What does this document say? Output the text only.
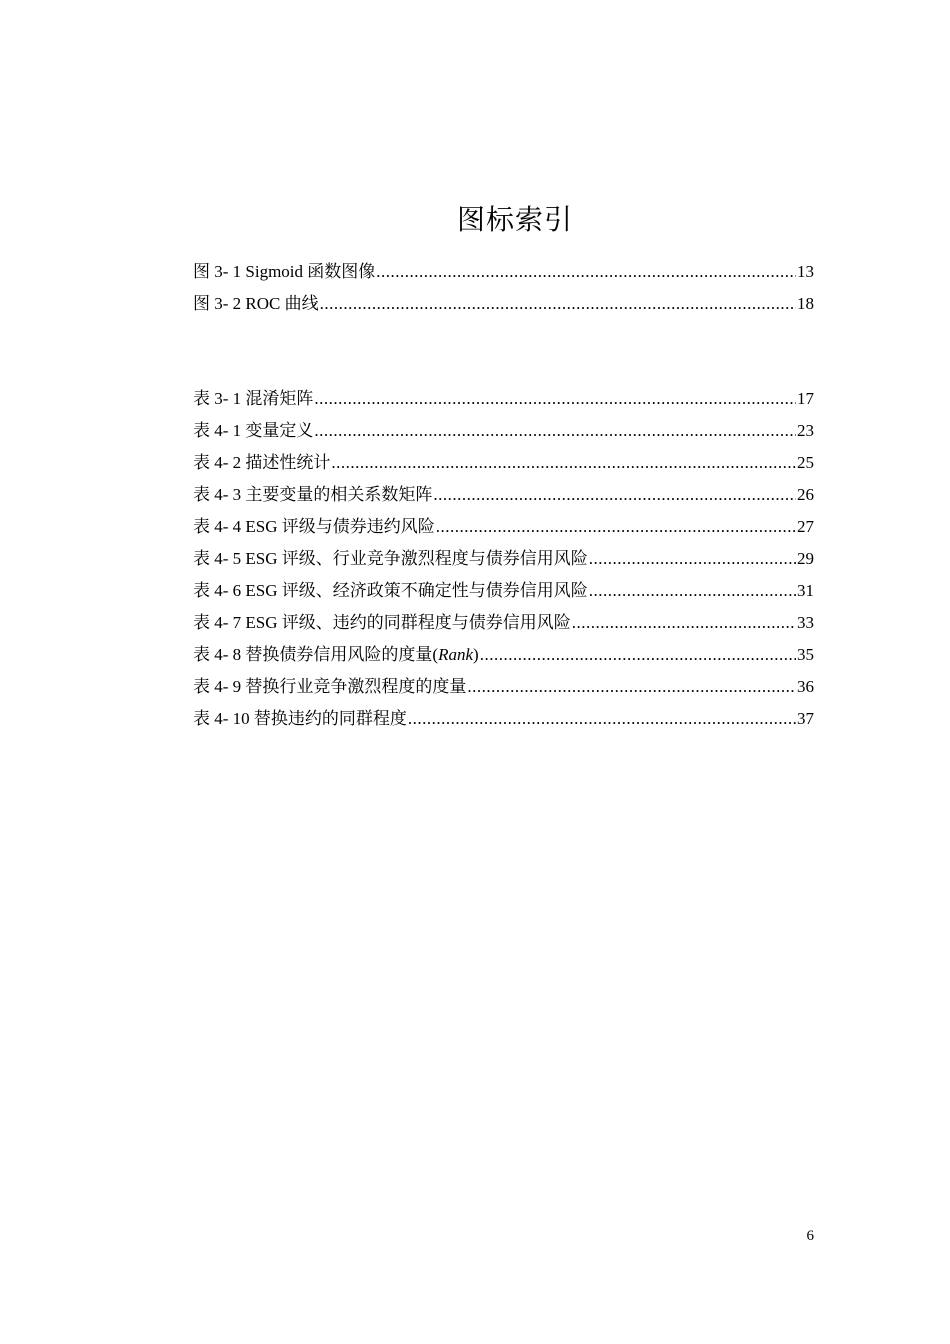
图标索引
图 3- 1 Sigmoid 函数图像 .....	13
图 3- 2 ROC 曲线 .....	18
表 3- 1 混淆矩阵 .....	17
表 4- 1 变量定义 .....	23
表 4- 2 描述性统计 .....	25
表 4- 3 主要变量的相关系数矩阵 .....	26
表 4- 4 ESG 评级与债券违约风险 .....	27
表 4- 5 ESG 评级、行业竞争激烈程度与债券信用风险 .....	29
表 4- 6 ESG 评级、经济政策不确定性与债券信用风险 .....	31
表 4- 7 ESG 评级、违约的同群程度与债券信用风险 .....	33
表 4- 8 替换债券信用风险的度量(Rank) .....	35
表 4- 9 替换行业竞争激烈程度的度量 .....	36
表 4- 10 替换违约的同群程度 .....	37
6
